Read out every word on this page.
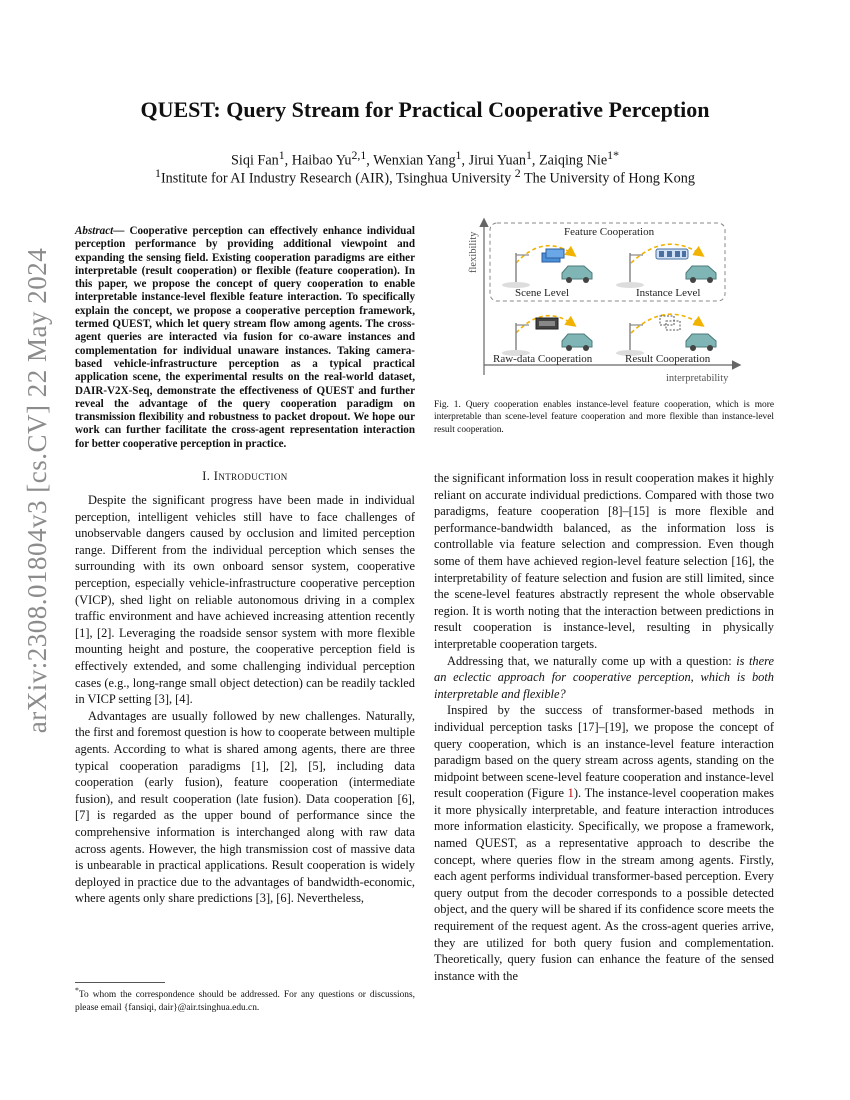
arXiv:2308.01804v3 [cs.CV] 22 May 2024
QUEST: Query Stream for Practical Cooperative Perception
Siqi Fan$^1$, Haibao Yu$^{2,1}$, Wenxian Yang$^1$, Jirui Yuan$^1$, Zaiqing Nie$^{1*}$
$^1$Institute for AI Industry Research (AIR), Tsinghua University $^2$ The University of Hong Kong
Abstract— Cooperative perception can effectively enhance individual perception performance by providing additional viewpoint and expanding the sensing field. Existing cooperation paradigms are either interpretable (result cooperation) or flexible (feature cooperation). In this paper, we propose the concept of query cooperation to enable interpretable instance-level flexible feature interaction. To specifically explain the concept, we propose a cooperative perception framework, termed QUEST, which let query stream flow among agents. The cross-agent queries are interacted via fusion for co-aware instances and complementation for individual unaware instances. Taking camera-based vehicle-infrastructure perception as a typical practical application scene, the experimental results on the real-world dataset, DAIR-V2X-Seq, demonstrate the effectiveness of QUEST and further reveal the advantage of the query cooperation paradigm on transmission flexibility and robustness to packet dropout. We hope our work can further facilitate the cross-agent representation interaction for better cooperative perception in practice.
I. Introduction

Despite the significant progress have been made in individual perception, intelligent vehicles still have to face challenges of unobservable dangers caused by occlusion and limited perception range. Different from the individual perception which senses the surrounding with its own onboard sensor system, cooperative perception, especially vehicle-infrastructure cooperative perception (VICP), shed light on reliable autonomous driving in a complex traffic environment and have achieved increasing attention recently [1], [2]. Leveraging the roadside sensor system with more flexible mounting height and posture, the cooperative perception field is effectively extended, and some challenging individual perception cases (e.g., long-range small object detection) can be readily tackled in VICP setting [3], [4].

Advantages are usually followed by new challenges. Naturally, the first and foremost question is how to cooperate between multiple agents. According to what is shared among agents, there are three typical cooperation paradigms [1], [2], [5], including data cooperation (early fusion), feature cooperation (intermediate fusion), and result cooperation (late fusion). Data cooperation [6], [7] is regarded as the upper bound of performance since the comprehensive information is interchanged along with raw data across agents. However, the high transmission cost of massive data is unbearable in practical applications. Result cooperation is widely deployed in practice due to the advantages of bandwidth-economic, where agents only share predictions [3], [6]. Nevertheless,

*To whom the correspondence should be addressed. For any questions or discussions, please email {fansiqi, dair}@air.tsinghua.edu.cn.
flexibility
interpretability
Feature Cooperation
Scene Level	Instance Level
Raw-data Cooperation	Result Cooperation
Fig. 1. Query cooperation enables instance-level feature cooperation, which is more interpretable than scene-level feature cooperation and more flexible than instance-level result cooperation.

the significant information loss in result cooperation makes it highly reliant on accurate individual predictions. Compared with those two paradigms, feature cooperation [8]–[15] is more flexible and performance-bandwidth balanced, as the information loss is controllable via feature selection and compression. Even though some of them have achieved region-level feature selection [16], the interpretability of feature selection and fusion are still limited, since the scene-level features abstractly represent the whole observable region. It is worth noting that the interaction between predictions in result cooperation is instance-level, resulting in physically interpretable cooperation targets.

Addressing that, we naturally come up with a question: is there an eclectic approach for cooperative perception, which is both interpretable and flexible?

Inspired by the success of transformer-based methods in individual perception tasks [17]–[19], we propose the concept of query cooperation, which is an instance-level feature interaction paradigm based on the query stream across agents, standing on the midpoint between scene-level feature cooperation and instance-level result cooperation (Figure 1). The instance-level cooperation makes it more physically interpretable, and feature interaction introduces more information elasticity. Specifically, we propose a framework, named QUEST, as a representative approach to describe the concept, where queries flow in the stream among agents. Firstly, each agent performs individual transformer-based perception. Every query output from the decoder corresponds to a possible detected object, and the query will be shared if its confidence score meets the requirement of the request agent. As the cross-agent queries arrive, they are utilized for both query fusion and complementation. Theoretically, query fusion can enhance the feature of the sensed instance with the
